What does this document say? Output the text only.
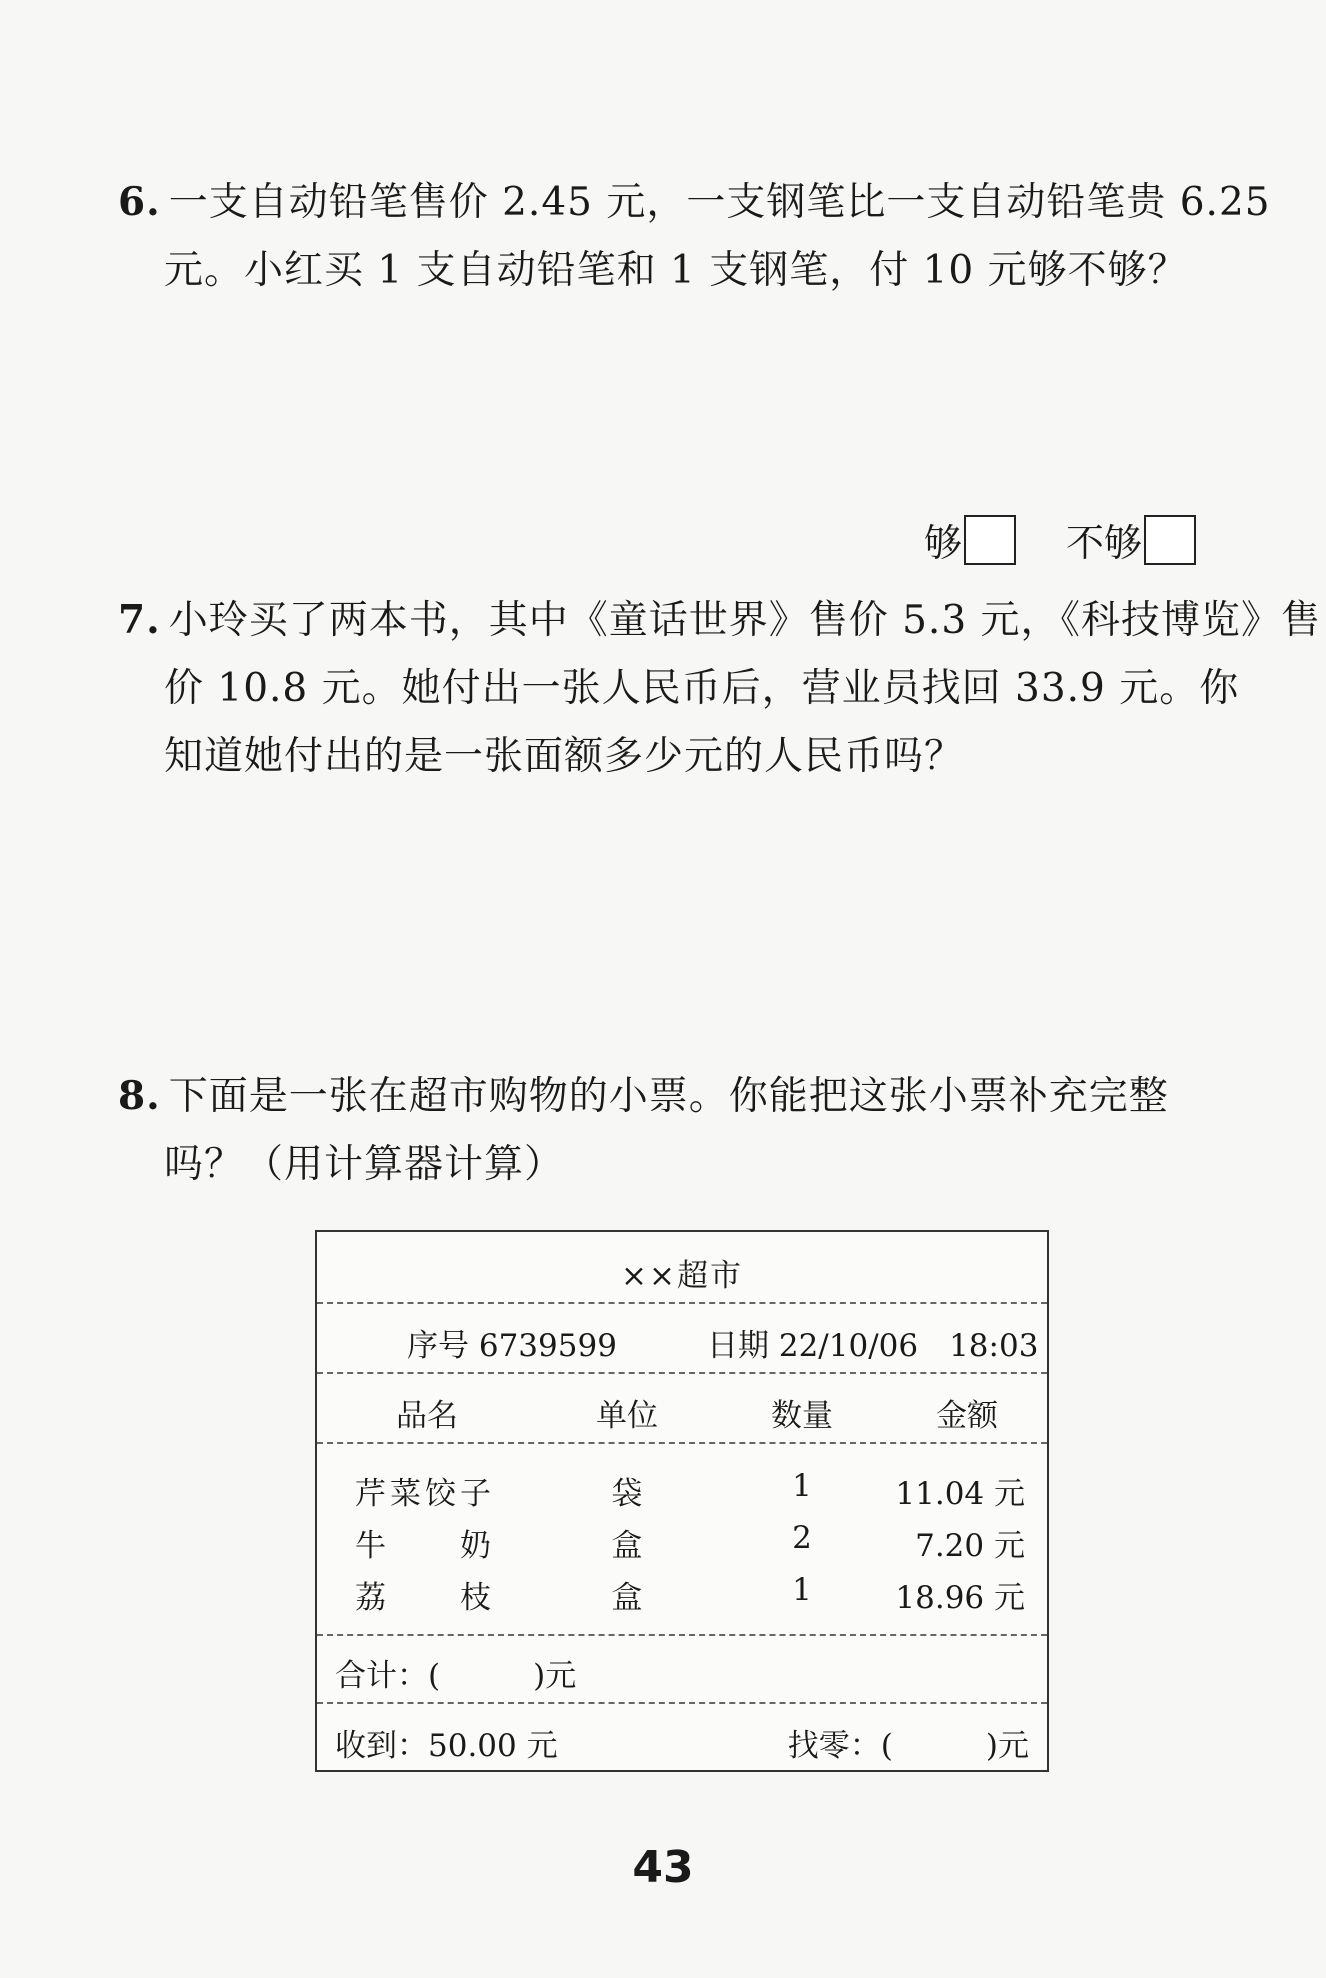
6. 一支自动铅笔售价 2.45 元，一支钢笔比一支自动铅笔贵 6.25
元。小红买 1 支自动铅笔和 1 支钢笔，付 10 元够不够？
够	不够
7. 小玲买了两本书，其中《童话世界》售价 5.3 元，《科技博览》售
价 10.8 元。她付出一张人民币后，营业员找回 33.9 元。你
知道她付出的是一张面额多少元的人民币吗？
8. 下面是一张在超市购物的小票。你能把这张小票补充完整
吗？（用计算器计算）
××超市
序号 6739599	日期 22/10/06　18:03
品名	单位	数量	金额
芹菜饺子	袋	1	11.04 元
牛　　奶	盒	2	7.20 元
荔　　枝	盒	1	18.96 元
合计：(　　　)元
收到：50.00 元	找零：(　　　)元
43
